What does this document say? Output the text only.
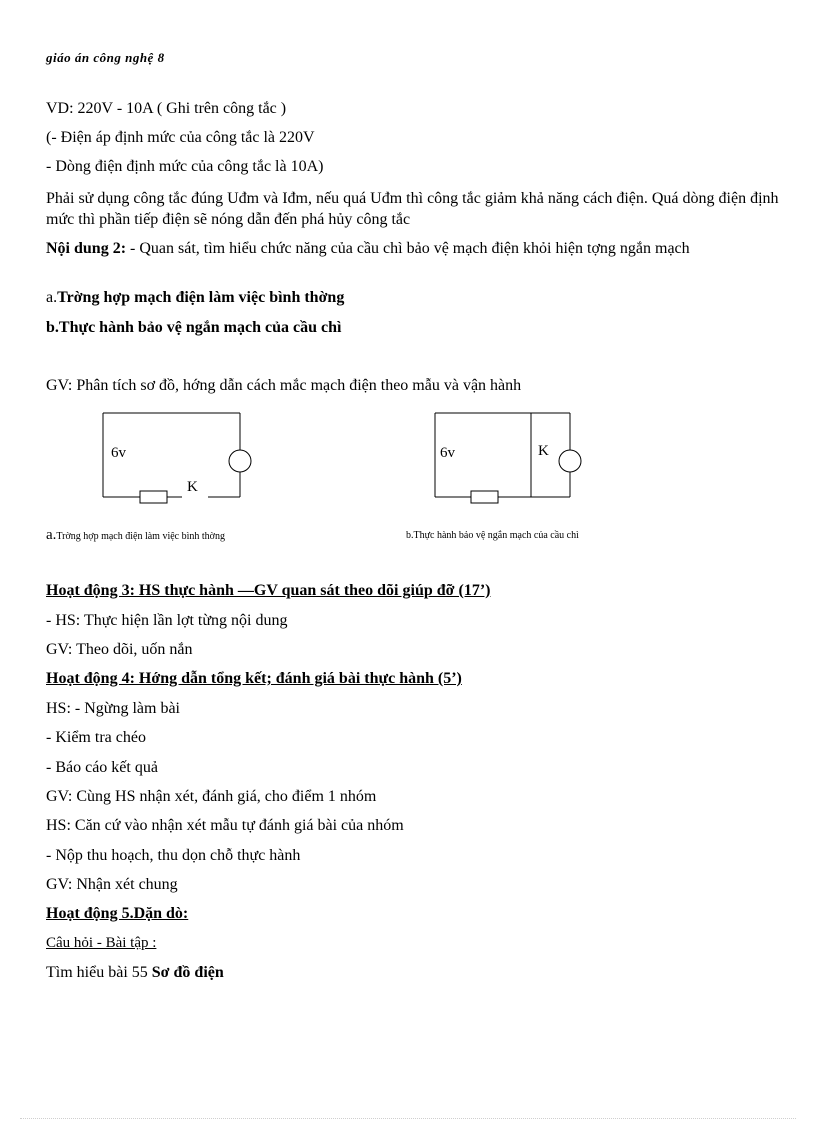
giáo án công nghệ 8
VD: 220V - 10A ( Ghi trên công tắc )
(- Điện áp định mức của công tắc là 220V
- Dòng điện định mức của công tắc là 10A)
Phải sử dụng công tắc đúng Uđm và Iđm, nếu quá Uđm thì công tắc giảm khả năng cách điện. Quá dòng điện định mức thì phần tiếp điện sẽ nóng dẫn đến phá hủy công tắc
Nội dung 2: - Quan sát, tìm hiểu chức năng của cầu chì bảo vệ mạch điện khỏi hiện tợng ngắn mạch
a.Trờng hợp mạch điện làm việc bình thờng
b.Thực hành bảo vệ ngắn mạch của cầu chì
GV: Phân tích sơ đồ, hớng dẫn cách mắc mạch điện theo mẫu và vận hành
6v
K
6v	K
a.Trờng hợp mạch điện làm việc bình thờng	b.Thực hành bảo vệ ngắn mạch của cầu chì
Hoạt động 3: HS thực hành —GV quan sát theo dõi giúp đỡ (17’)
- HS: Thực hiện lần lợt từng nội dung
GV: Theo dõi, uốn nắn
Hoạt động 4: Hớng dẫn tổng kết; đánh giá bài thực hành (5’)
HS: - Ngừng làm bài
- Kiểm tra chéo
- Báo cáo kết quả
GV: Cùng HS nhận xét, đánh giá, cho điểm 1 nhóm
HS: Căn cứ vào nhận xét mẫu tự đánh giá bài của nhóm
- Nộp thu hoạch, thu dọn chỗ thực hành
GV: Nhận xét chung
Hoạt động 5.Dặn dò:
Câu hỏi - Bài tập :
Tìm hiểu bài 55 Sơ đồ điện
